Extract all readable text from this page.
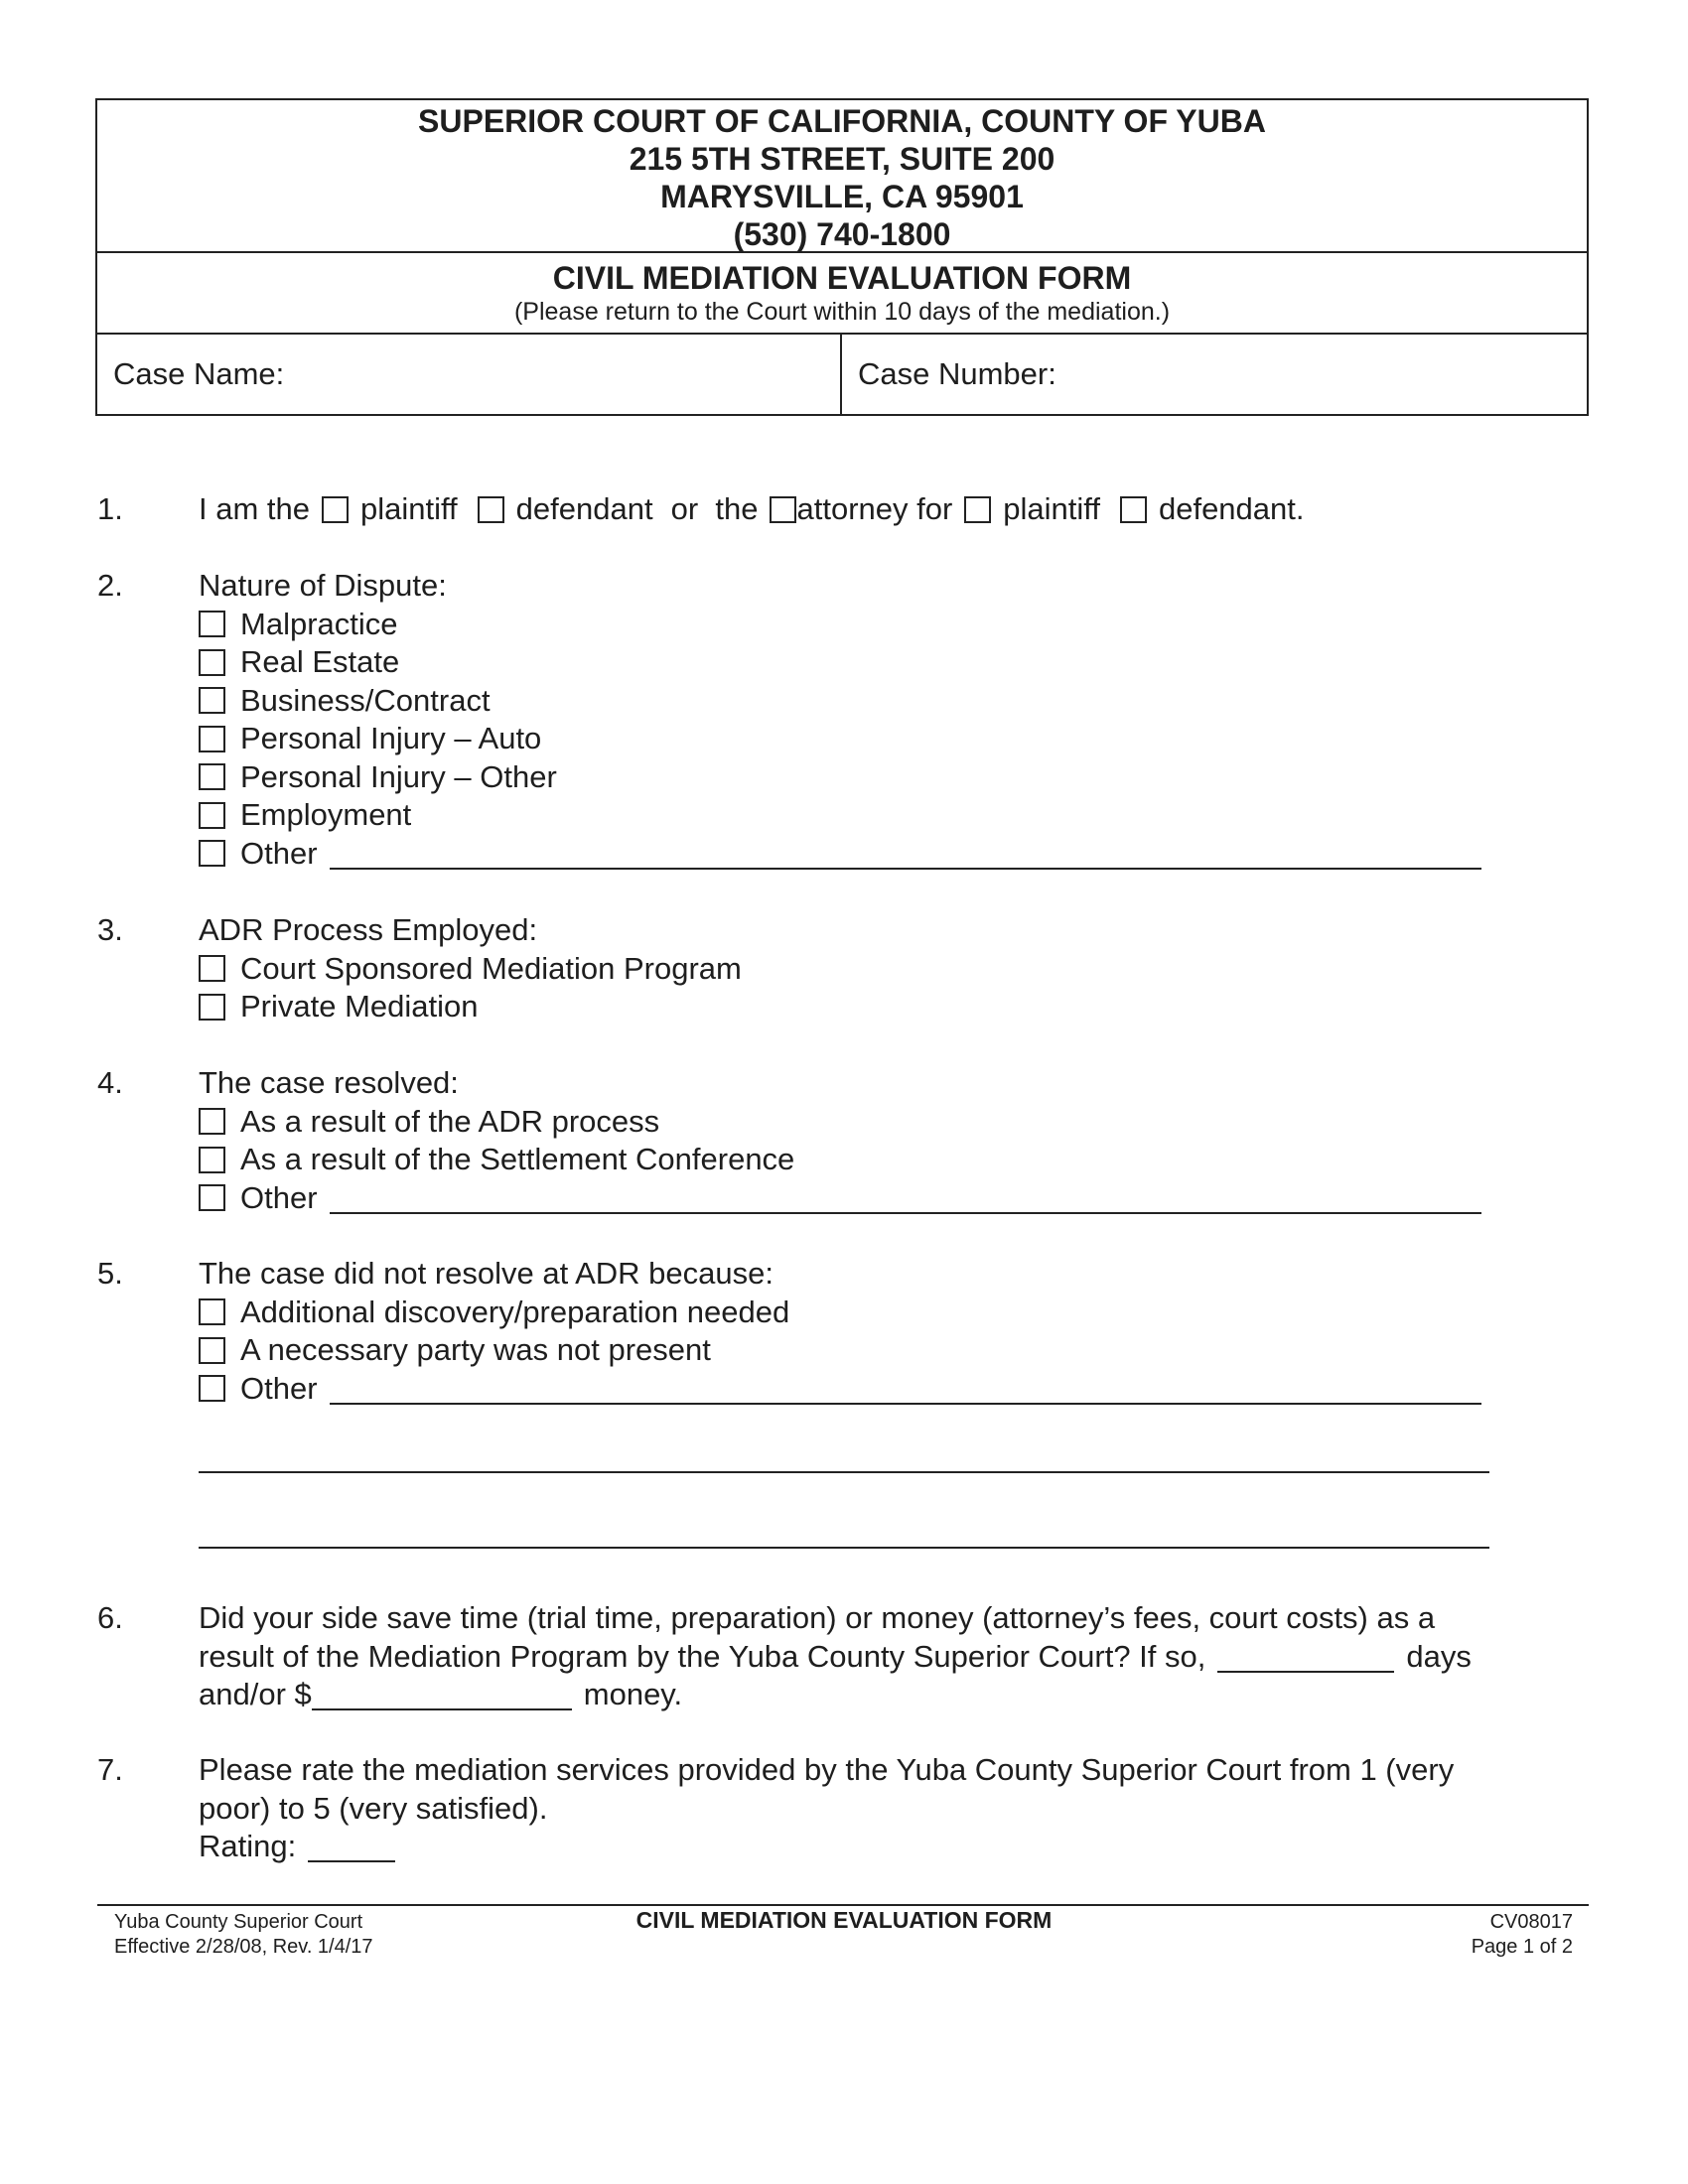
SUPERIOR COURT OF CALIFORNIA, COUNTY OF YUBA
215 5TH STREET, SUITE 200
MARYSVILLE, CA 95901
(530) 740-1800
CIVIL MEDIATION EVALUATION FORM
(Please return to the Court within 10 days of the mediation.)
Case Name:	Case Number:
1. I am the plaintiff defendant or  the attorney for plaintiff defendant.
2. Nature of Dispute:
Malpractice
Real Estate
Business/Contract
Personal Injury – Auto
Personal Injury – Other
Employment
Other
3. ADR Process Employed:
Court Sponsored Mediation Program
Private Mediation
4. The case resolved:
As a result of the ADR process
As a result of the Settlement Conference
Other
5. The case did not resolve at ADR because:
Additional discovery/preparation needed
A necessary party was not present
Other
6. Did your side save time (trial time, preparation) or money (attorney’s fees, court costs) as a
result of the Mediation Program by the Yuba County Superior Court? If so,	days
and/or $	money.
7. Please rate the mediation services provided by the Yuba County Superior Court from 1 (very
poor) to 5 (very satisfied).
Rating:
Yuba County Superior Court
Effective 2/28/08, Rev. 1/4/17
CIVIL MEDIATION EVALUATION FORM	CV08017
Page 1 of 2
